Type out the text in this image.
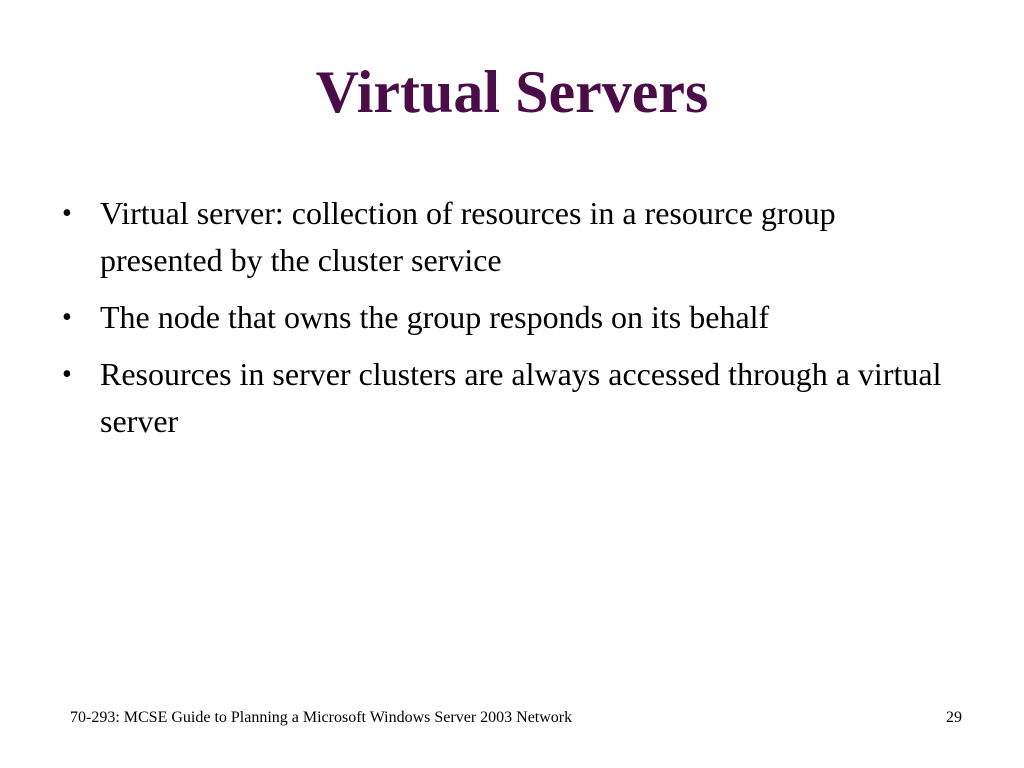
Virtual Servers
• Virtual server: collection of resources in a resource group presented by the cluster service
• The node that owns the group responds on its behalf
• Resources in server clusters are always accessed through a virtual server
70-293: MCSE Guide to Planning a Microsoft Windows Server 2003 Network	29
